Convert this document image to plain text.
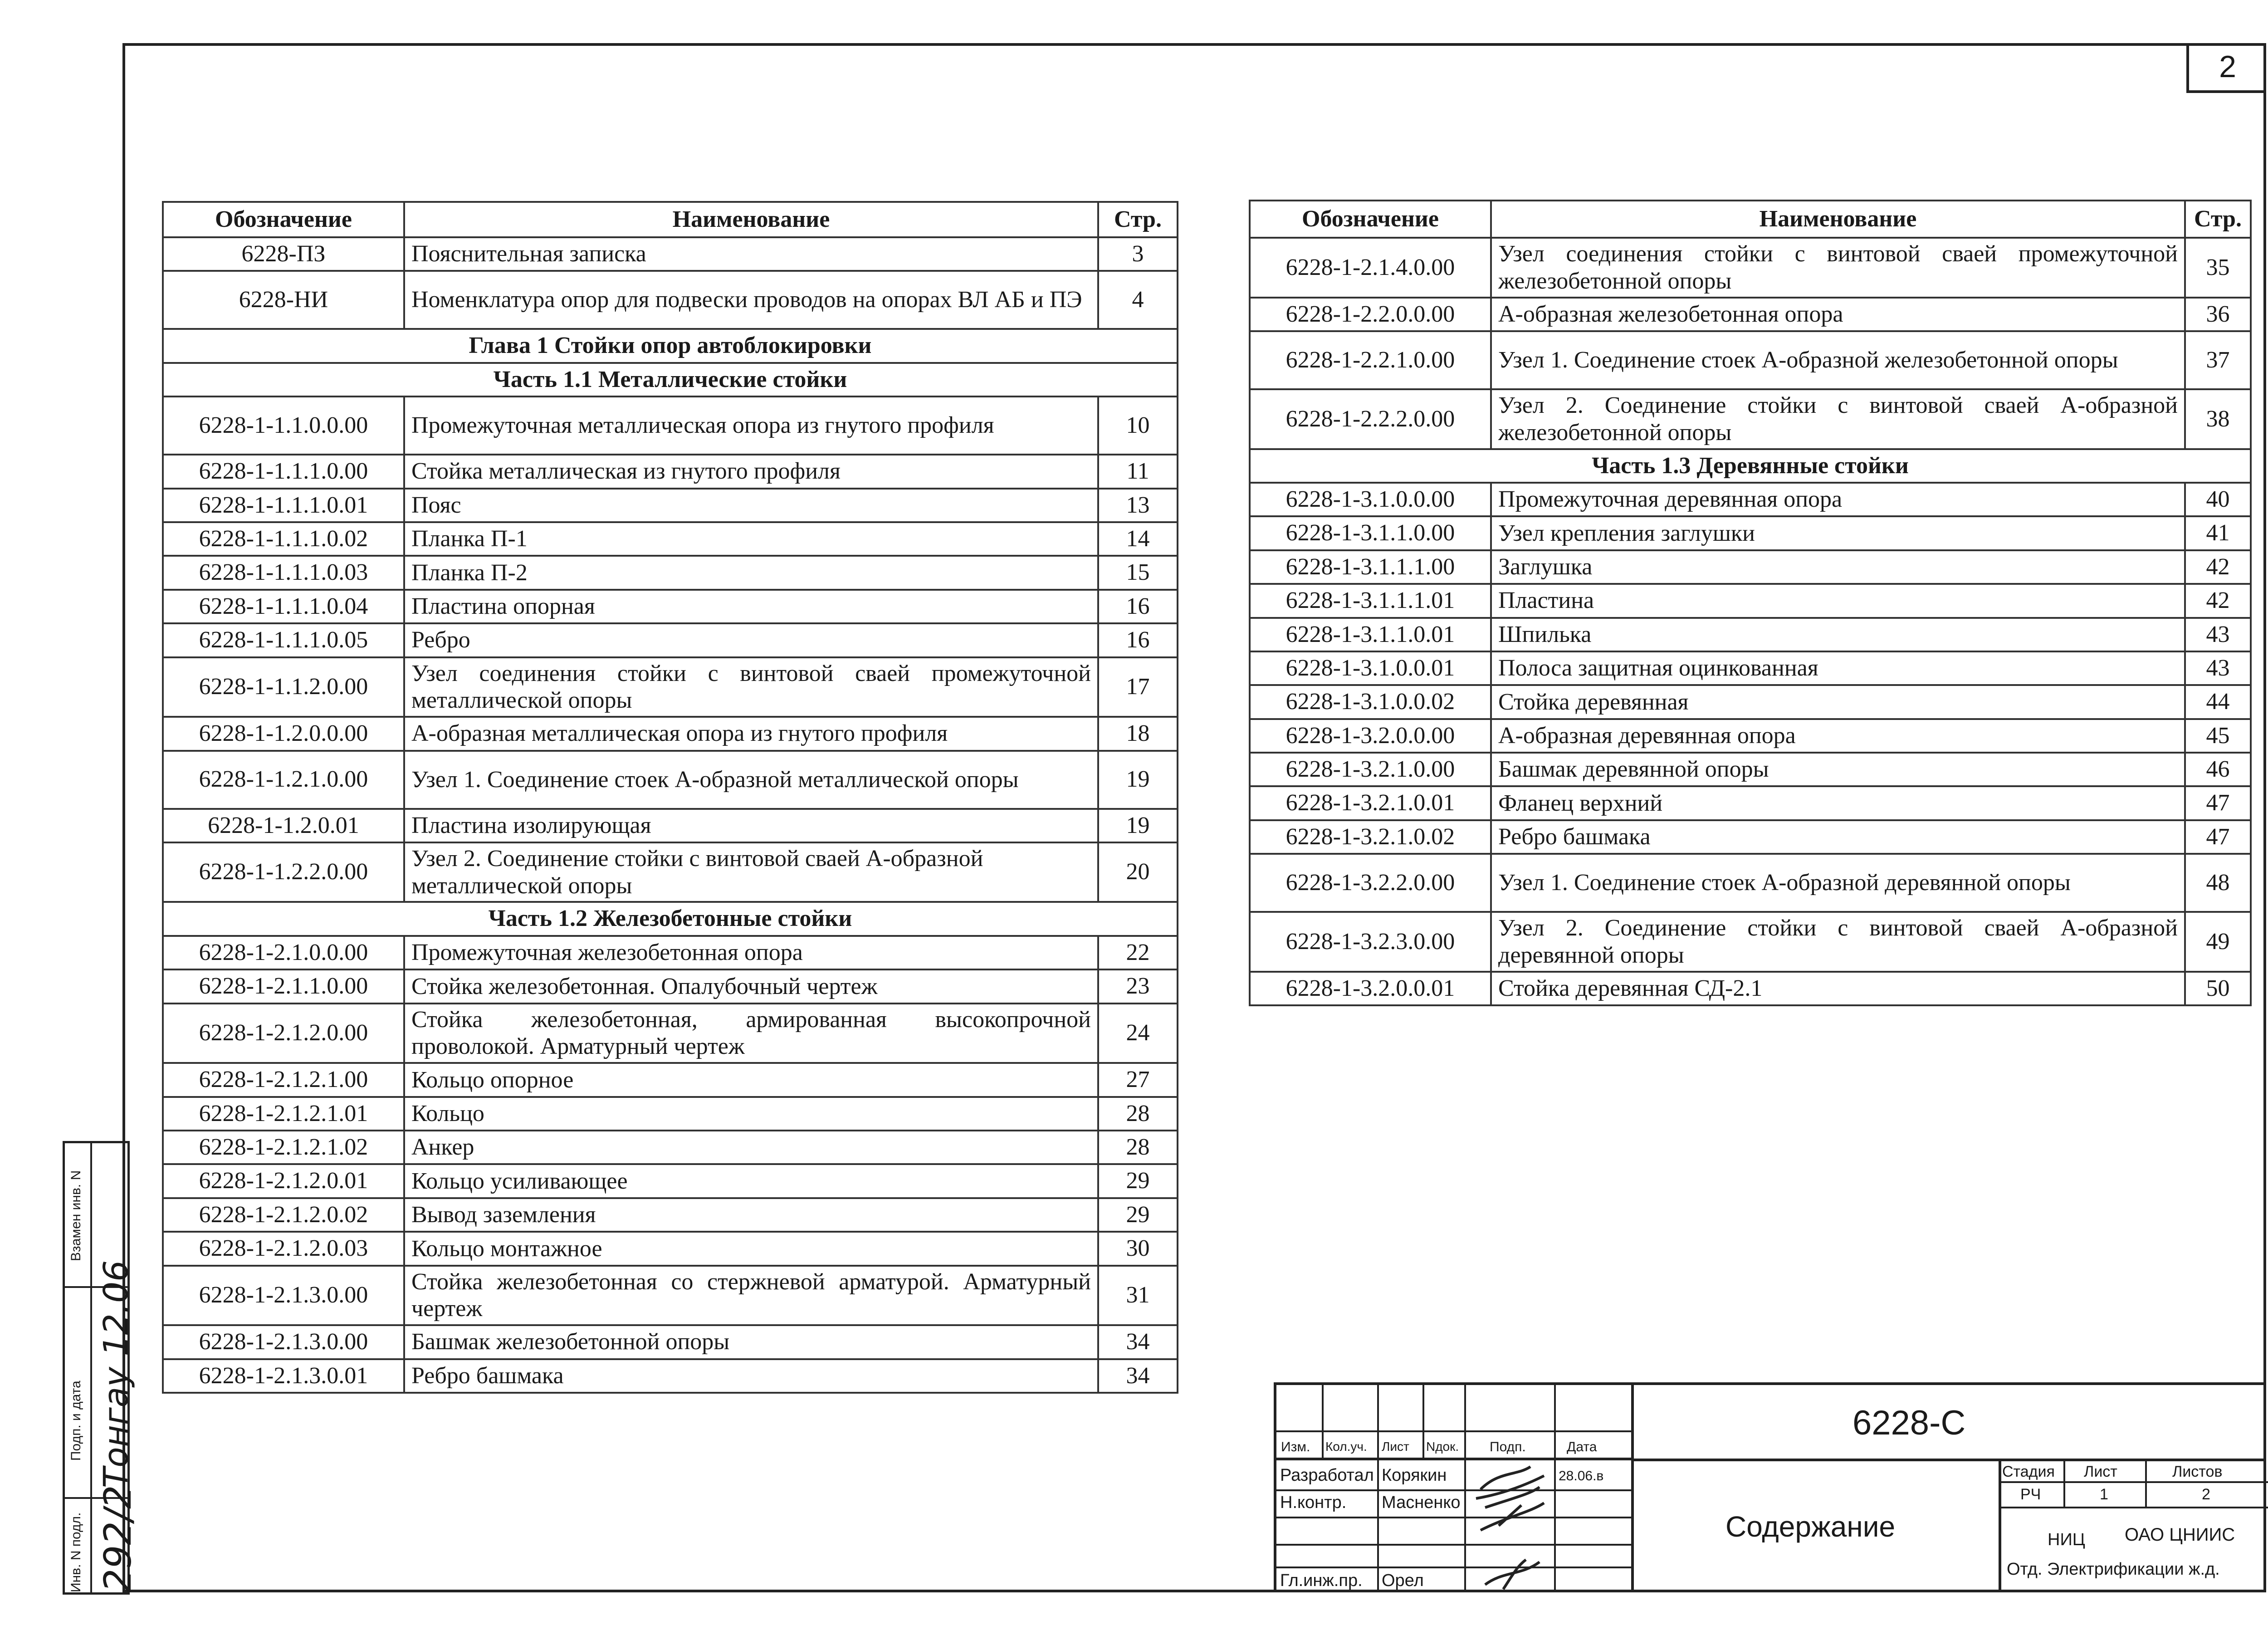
2
Обозначение	Наименование	Стр.
6228-ПЗ	Пояснительная записка	3
6228-НИ	Номенклатура опор для подвески проводов на опорах ВЛ АБ и ПЭ	4
Глава 1 Стойки опор автоблокировки		
Часть 1.1 Металлические стойки		
6228-1-1.1.0.0.00	Промежуточная металлическая опора из гнутого профиля	10
6228-1-1.1.1.0.00	Стойка металлическая из гнутого профиля	11
6228-1-1.1.1.0.01	Пояс	13
6228-1-1.1.1.0.02	Планка П-1	14
6228-1-1.1.1.0.03	Планка П-2	15
6228-1-1.1.1.0.04	Пластина опорная	16
6228-1-1.1.1.0.05	Ребро	16
6228-1-1.1.2.0.00	Узел соединения стойки с винтовой сваей промежуточной металлической опоры	17
6228-1-1.2.0.0.00	А-образная металлическая опора из гнутого профиля	18
6228-1-1.2.1.0.00	Узел 1. Соединение стоек А-образной металлической опоры	19
6228-1-1.2.0.01	Пластина изолирующая	19
6228-1-1.2.2.0.00	Узел 2. Соединение стойки с винтовой сваей А-образной металлической опоры	20
Часть 1.2 Железобетонные стойки		
6228-1-2.1.0.0.00	Промежуточная железобетонная опора	22
6228-1-2.1.1.0.00	Стойка железобетонная. Опалубочный чертеж	23
6228-1-2.1.2.0.00	Стойка железобетонная, армированная высокопрочной проволокой. Арматурный чертеж	24
6228-1-2.1.2.1.00	Кольцо опорное	27
6228-1-2.1.2.1.01	Кольцо	28
6228-1-2.1.2.1.02	Анкер	28
6228-1-2.1.2.0.01	Кольцо усиливающее	29
6228-1-2.1.2.0.02	Вывод заземления	29
6228-1-2.1.2.0.03	Кольцо монтажное	30
6228-1-2.1.3.0.00	Стойка железобетонная со стержневой арматурой. Арматурный чертеж	31
6228-1-2.1.3.0.00	Башмак железобетонной опоры	34
6228-1-2.1.3.0.01	Ребро башмака	34
Обозначение	Наименование	Стр.
6228-1-2.1.4.0.00	Узел соединения стойки с винтовой сваей промежуточной железобетонной опоры	35
6228-1-2.2.0.0.00	А-образная железобетонная опора	36
6228-1-2.2.1.0.00	Узел 1. Соединение стоек А-образной железобетонной опоры	37
6228-1-2.2.2.0.00	Узел 2. Соединение стойки с винтовой сваей А-образной железобетонной опоры	38
Часть 1.3 Деревянные стойки		
6228-1-3.1.0.0.00	Промежуточная деревянная опора	40
6228-1-3.1.1.0.00	Узел крепления заглушки	41
6228-1-3.1.1.1.00	Заглушка	42
6228-1-3.1.1.1.01	Пластина	42
6228-1-3.1.1.0.01	Шпилька	43
6228-1-3.1.0.0.01	Полоса защитная оцинкованная	43
6228-1-3.1.0.0.02	Стойка деревянная	44
6228-1-3.2.0.0.00	А-образная деревянная опора	45
6228-1-3.2.1.0.00	Башмак деревянной опоры	46
6228-1-3.2.1.0.01	Фланец верхний	47
6228-1-3.2.1.0.02	Ребро башмака	47
6228-1-3.2.2.0.00	Узел 1. Соединение стоек А-образной деревянной опоры	48
6228-1-3.2.3.0.00	Узел 2. Соединение стойки с винтовой сваей А-образной деревянной опоры	49
6228-1-3.2.0.0.01	Стойка деревянная СД-2.1	50
Инв. N подл.
Подп. и дата
Взамен инв. N
292/2
Тонгау 12.06	Изм. Кол.уч. Лист Nдок. Подп.	Дата
Разработал Корякин	28.06.в
Н.контр. Масненко
Гл.инж.пр. Орел
6228-С
Содержание
Стадия Лист	Листов
РЧ	1	2
НИЦ ОАО ЦНИИС
Отд. Электрификации ж.д.
